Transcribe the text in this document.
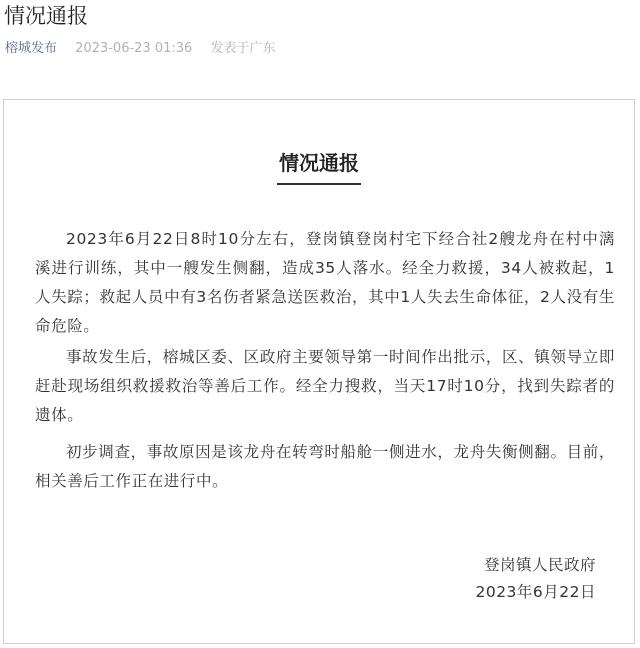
情况通报
榕城发布 2023-06-23 01:36 发表于广东
情况通报
2023年6月22日8时10分左右，登岗镇登岗村宅下经合社2艘龙舟在村中漓溪进行训练，其中一艘发生侧翻，造成35人落水。经全力救援，34人被救起，1人失踪；救起人员中有3名伤者紧急送医救治，其中1人失去生命体征，2人没有生命危险。
事故发生后，榕城区委、区政府主要领导第一时间作出批示，区、镇领导立即赶赴现场组织救援救治等善后工作。经全力搜救，当天17时10分，找到失踪者的遗体。
初步调查，事故原因是该龙舟在转弯时船舱一侧进水，龙舟失衡侧翻。目前，相关善后工作正在进行中。
登岗镇人民政府
2023年6月22日
